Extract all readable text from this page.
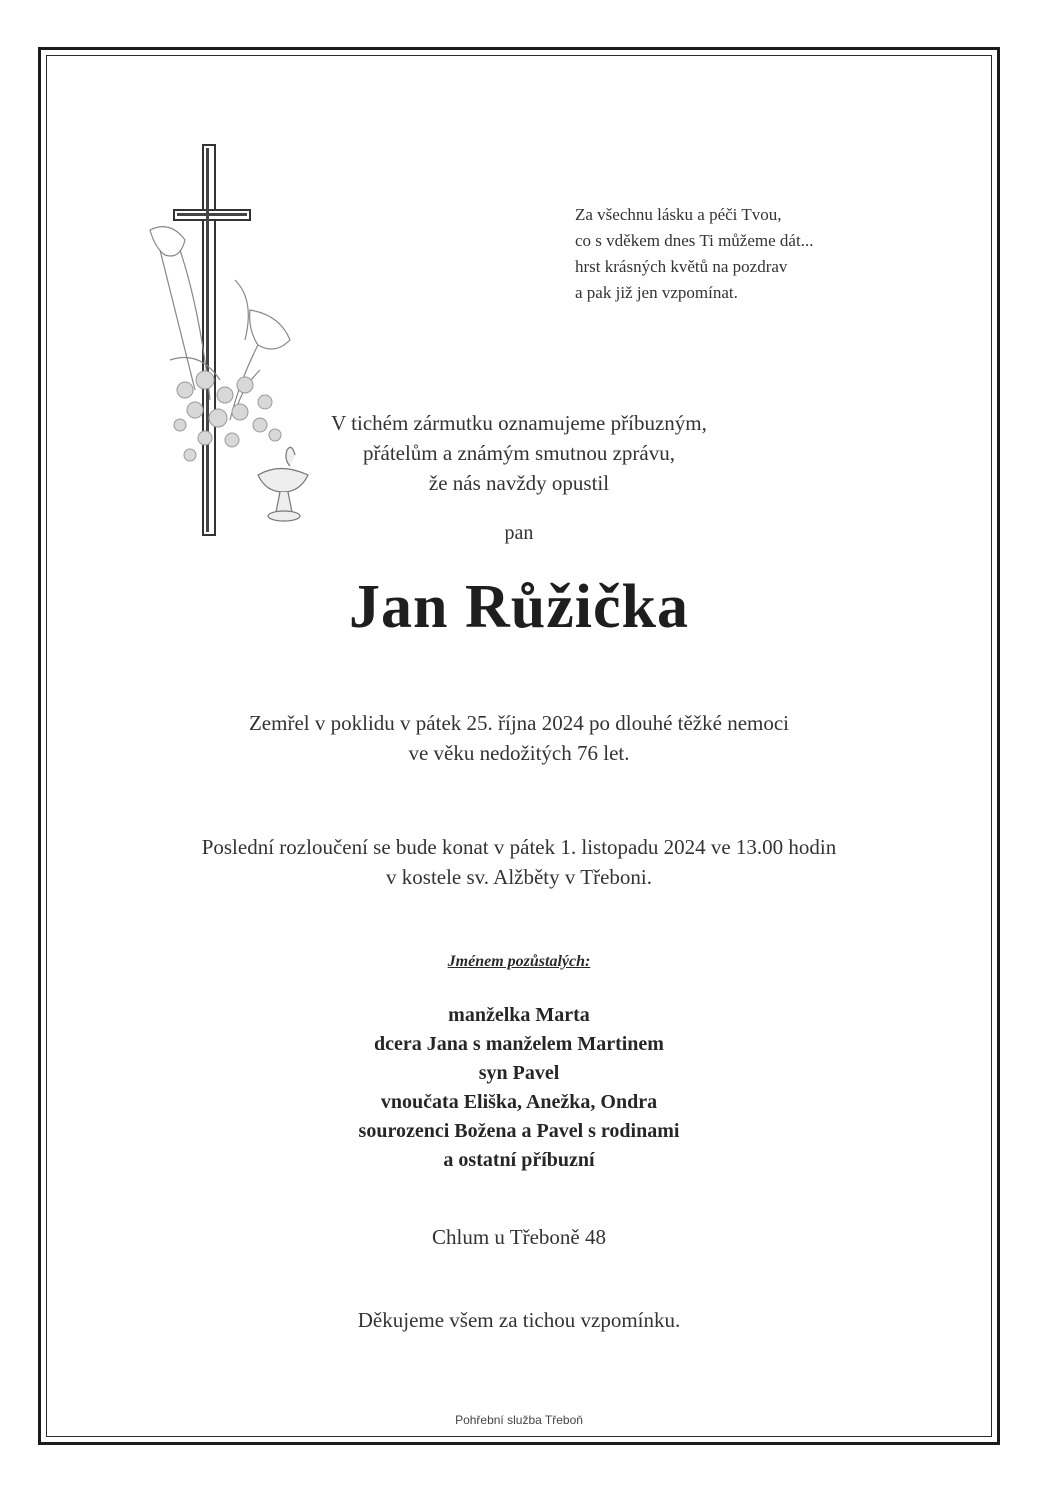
Za všechnu lásku a péči Tvou,
co s vděkem dnes Ti můžeme dát...
hrst krásných květů na pozdrav
a pak již jen vzpomínat.
V tichém zármutku oznamujeme příbuzným,
přátelům a známým smutnou zprávu,
že nás navždy opustil
pan
Jan Růžička
Zemřel v poklidu v pátek 25. října 2024 po dlouhé těžké nemoci
ve věku nedožitých 76 let.
Poslední rozloučení se bude konat v pátek 1. listopadu 2024 ve 13.00 hodin
v kostele sv. Alžběty v Třeboni.
Jménem pozůstalých:
manželka Marta
dcera Jana s manželem Martinem
syn Pavel
vnoučata Eliška, Anežka, Ondra
sourozenci Božena a Pavel s rodinami
a ostatní příbuzní
Chlum u Třeboně 48
Děkujeme všem za tichou vzpomínku.
Pohřební služba Třeboň
